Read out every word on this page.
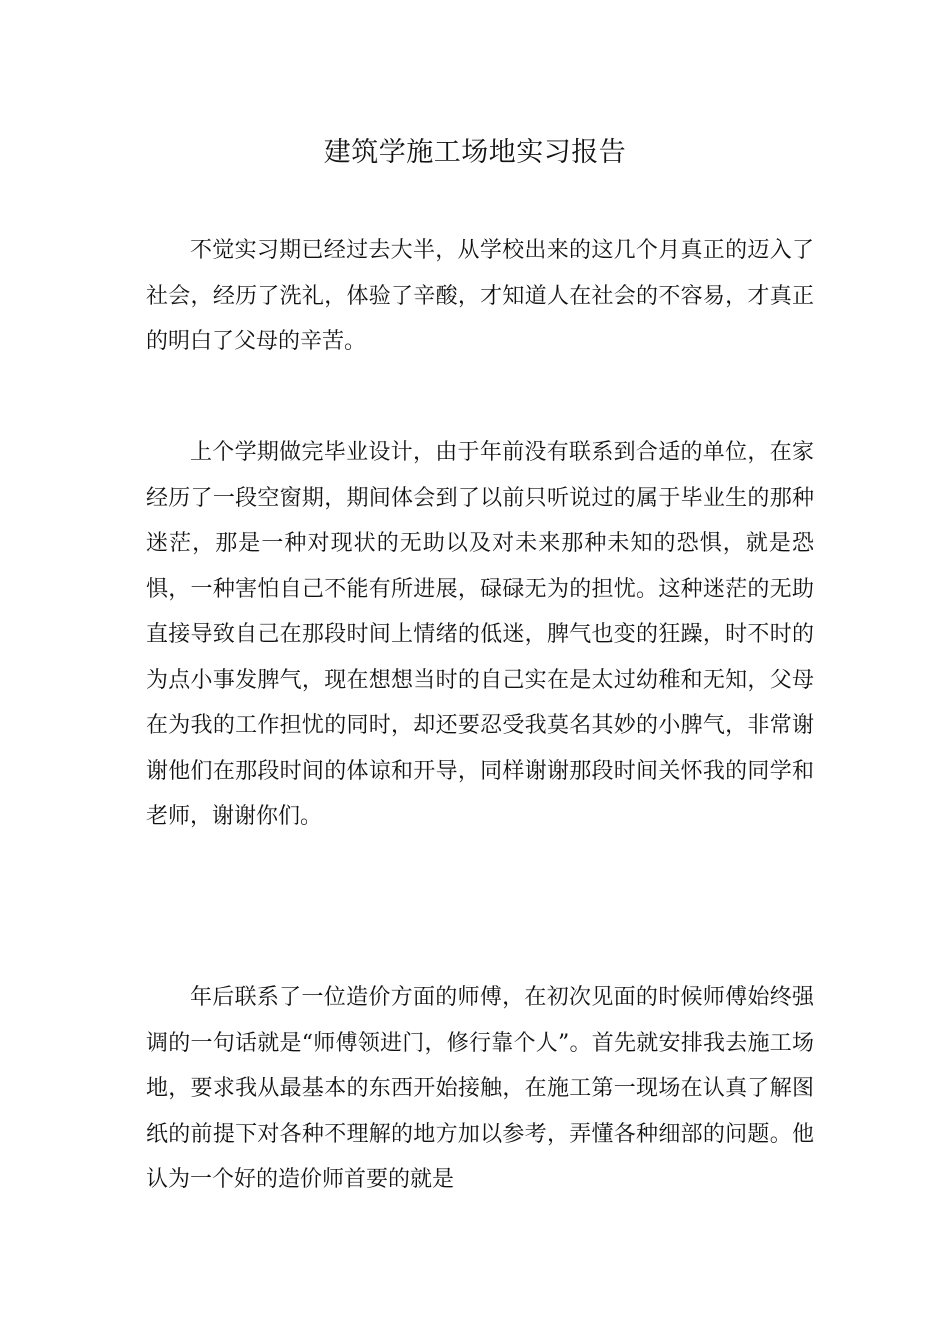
建筑学施工场地实习报告

不觉实习期已经过去大半，从学校出来的这几个月真正的迈入了社会，经历了洗礼，体验了辛酸，才知道人在社会的不容易，才真正的明白了父母的辛苦。

上个学期做完毕业设计，由于年前没有联系到合适的单位，在家经历了一段空窗期，期间体会到了以前只听说过的属于毕业生的那种迷茫，那是一种对现状的无助以及对未来那种未知的恐惧，就是恐惧，一种害怕自己不能有所进展，碌碌无为的担忧。这种迷茫的无助直接导致自己在那段时间上情绪的低迷，脾气也变的狂躁，时不时的为点小事发脾气，现在想想当时的自己实在是太过幼稚和无知，父母在为我的工作担忧的同时，却还要忍受我莫名其妙的小脾气，非常谢谢他们在那段时间的体谅和开导，同样谢谢那段时间关怀我的同学和老师，谢谢你们。

年后联系了一位造价方面的师傅，在初次见面的时候师傅始终强调的一句话就是“师傅领进门，修行靠个人”。首先就安排我去施工场地，要求我从最基本的东西开始接触，在施工第一现场在认真了解图纸的前提下对各种不理解的地方加以参考，弄懂各种细部的问题。他认为一个好的造价师首要的就是
